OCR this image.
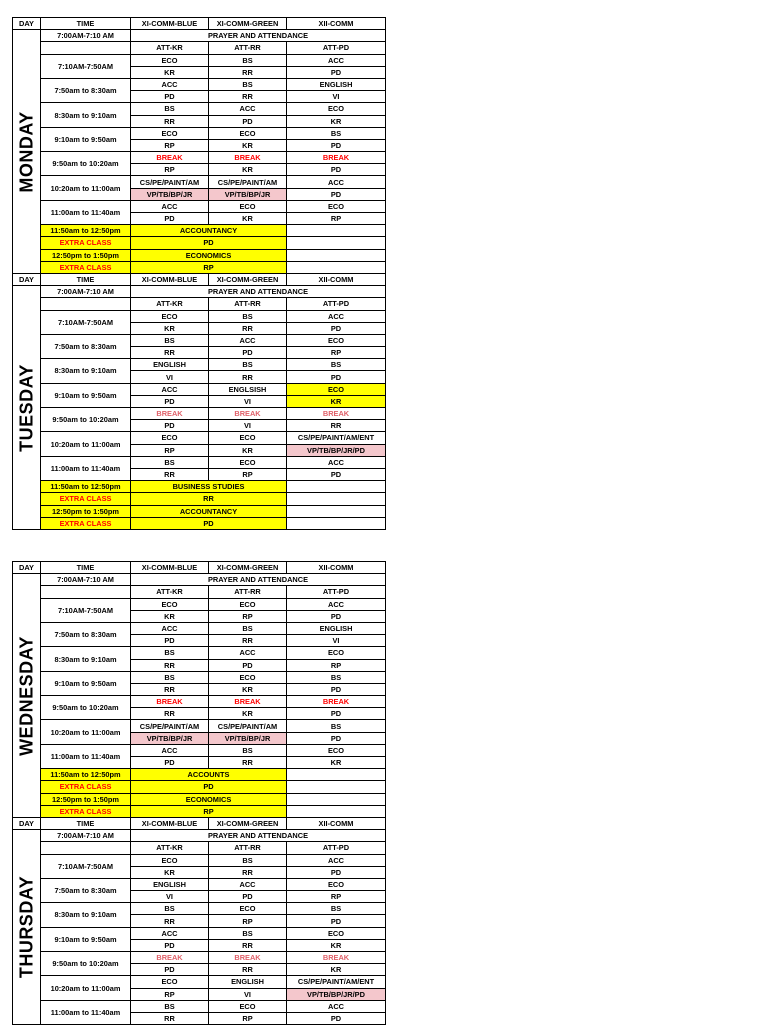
DAY	TIME	XI-COMM-BLUE	XI-COMM-GREEN	XII-COMM

MONDAY	7:00AM-7:10 AM	PRAYER AND ATTENDANCE		
		ATT-KR	ATT-RR	ATT-PD
	7:10AM-7:50AM	ECO	BS	ACC
		KR	RR	PD
	7:50am to 8:30am	ACC	BS	ENGLISH
		PD	RR	VI
	8:30am to 9:10am	BS	ACC	ECO
		RR	PD	KR
	9:10am to 9:50am	ECO	ECO	BS
		RP	KR	PD
	9:50am to 10:20am	BREAK	BREAK	BREAK
		RP	KR	PD
	10:20am to 11:00am	CS/PE/PAINT/AM	CS/PE/PAINT/AM	ACC
		VP/TB/BP/JR	VP/TB/BP/JR	PD
	11:00am to 11:40am	ACC	ECO	ECO
		PD	KR	RP
	11:50am to 12:50pm	ACCOUNTANCY		
	EXTRA CLASS	PD		
	12:50pm to 1:50pm	ECONOMICS		
	EXTRA CLASS	RP		
DAY	TIME	XI-COMM-BLUE	XI-COMM-GREEN	XII-COMM

TUESDAY	7:00AM-7:10 AM	PRAYER AND ATTENDANCE		
		ATT-KR	ATT-RR	ATT-PD
	7:10AM-7:50AM	ECO	BS	ACC
		KR	RR	PD
	7:50am to 8:30am	BS	ACC	ECO
		RR	PD	RP
	8:30am to 9:10am	ENGLISH	BS	BS
		VI	RR	PD
	9:10am to 9:50am	ACC	ENGLSISH	ECO
		PD	VI	KR
	9:50am to 10:20am	BREAK	BREAK	BREAK
		PD	VI	RR
	10:20am to 11:00am	ECO	ECO	CS/PE/PAINT/AM/ENT
		RP	KR	VP/TB/BP/JR/PD
	11:00am to 11:40am	BS	ECO	ACC
		RR	RP	PD
	11:50am to 12:50pm	BUSINESS STUDIES		
	EXTRA CLASS	RR		
	12:50pm to 1:50pm	ACCOUNTANCY		
	EXTRA CLASS	PD		
DAY	TIME	XI-COMM-BLUE	XI-COMM-GREEN	XII-COMM

WEDNESDAY	7:00AM-7:10 AM	PRAYER AND ATTENDANCE		
		ATT-KR	ATT-RR	ATT-PD
	7:10AM-7:50AM	ECO	ECO	ACC
		KR	RP	PD
	7:50am to 8:30am	ACC	BS	ENGLISH
		PD	RR	VI
	8:30am to 9:10am	BS	ACC	ECO
		RR	PD	RP
	9:10am to 9:50am	BS	ECO	BS
		RR	KR	PD
	9:50am to 10:20am	BREAK	BREAK	BREAK
		RR	KR	PD
	10:20am to 11:00am	CS/PE/PAINT/AM	CS/PE/PAINT/AM	BS
		VP/TB/BP/JR	VP/TB/BP/JR	PD
	11:00am to 11:40am	ACC	BS	ECO
		PD	RR	KR
	11:50am to 12:50pm	ACCOUNTS		
	EXTRA CLASS	PD		
	12:50pm to 1:50pm	ECONOMICS		
	EXTRA CLASS	RP		
DAY	TIME	XI-COMM-BLUE	XI-COMM-GREEN	XII-COMM

THURSDAY	7:00AM-7:10 AM	PRAYER AND ATTENDANCE		
		ATT-KR	ATT-RR	ATT-PD
	7:10AM-7:50AM	ECO	BS	ACC
		KR	RR	PD
	7:50am to 8:30am	ENGLISH	ACC	ECO
		VI	PD	RP
	8:30am to 9:10am	BS	ECO	BS
		RR	RP	PD
	9:10am to 9:50am	ACC	BS	ECO
		PD	RR	KR
	9:50am to 10:20am	BREAK	BREAK	BREAK
		PD	RR	KR
	10:20am to 11:00am	ECO	ENGLISH	CS/PE/PAINT/AM/ENT
		RP	VI	VP/TB/BP/JR/PD
	11:00am to 11:40am	BS	ECO	ACC
		RR	RP	PD
